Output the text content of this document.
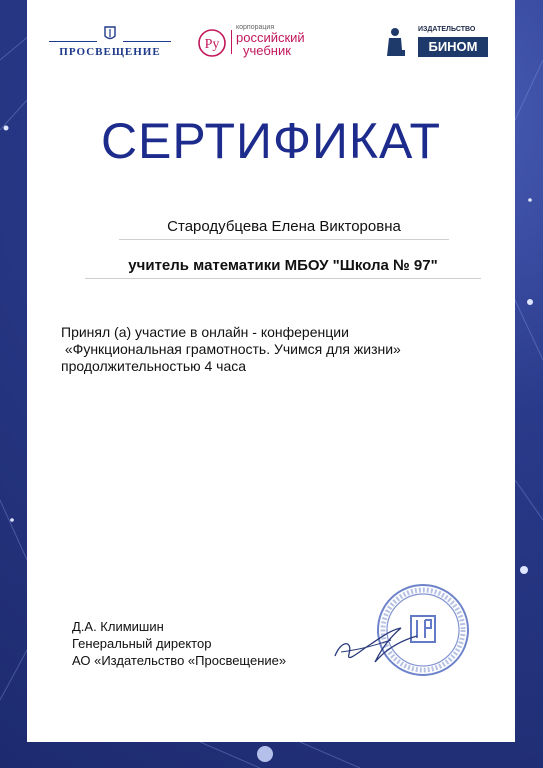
ПРОСВЕЩЕНИЕ	Ру
корпорация
российский
учебник
ИЗДАТЕЛЬСТВО
БИНОМ
СЕРТИФИКАТ
Стародубцева Елена Викторовна
учитель математики МБОУ "Школа № 97"
Принял (а) участие в онлайн - конференции
«Функциональная грамотность. Учимся для жизни»
продолжительностью 4 часа
Д.А. Климишин
Генеральный директор
АО «Издательство «Просвещение»
